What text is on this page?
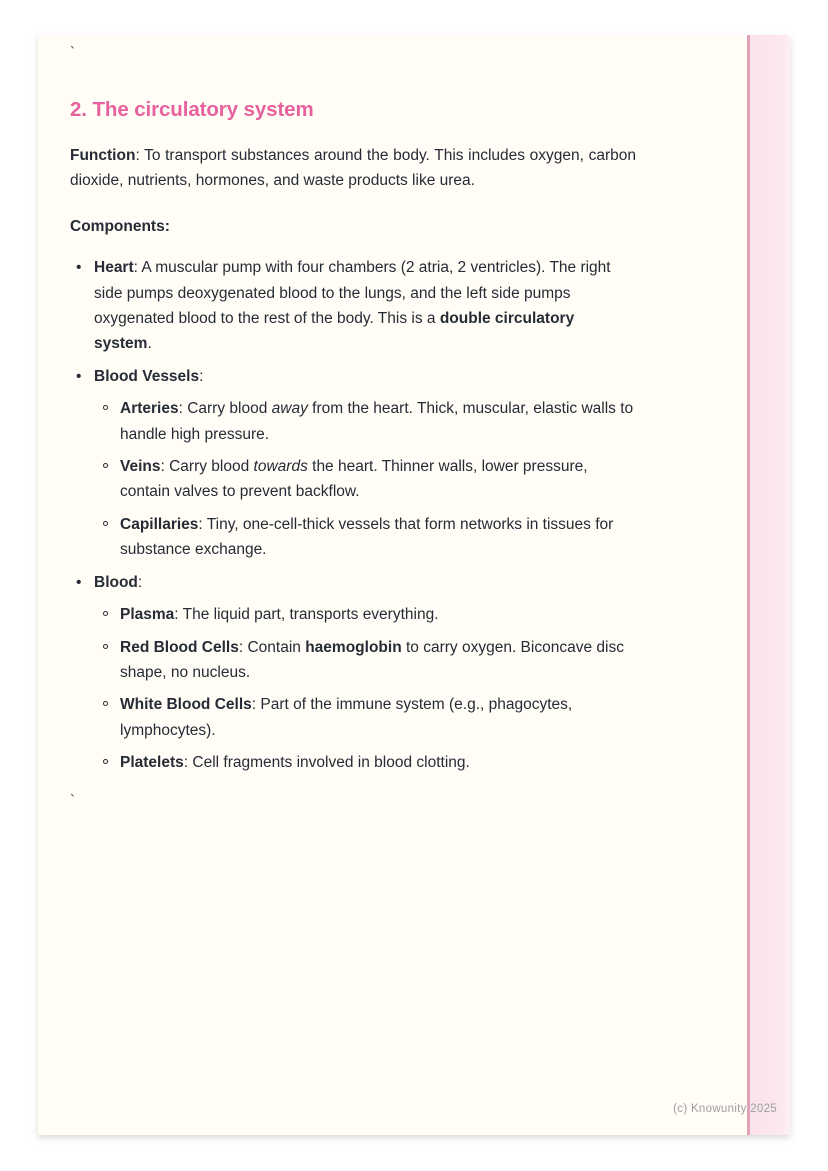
`
2. The circulatory system

Function: To transport substances around the body. This includes oxygen, carbon dioxide, nutrients, hormones, and waste products like urea.

Components:

•
Heart: A muscular pump with four chambers (2 atria, 2 ventricles). The right side pumps deoxygenated blood to the lungs, and the left side pumps oxygenated blood to the rest of the body. This is a double circulatory system.
•
Blood Vessels:
Arteries: Carry blood away from the heart. Thick, muscular, elastic walls to handle high pressure.
Veins: Carry blood towards the heart. Thinner walls, lower pressure, contain valves to prevent backflow.
Capillaries: Tiny, one-cell-thick vessels that form networks in tissues for substance exchange.
•
Blood:
Plasma: The liquid part, transports everything.
Red Blood Cells: Contain haemoglobin to carry oxygen. Biconcave disc shape, no nucleus.
White Blood Cells: Part of the immune system (e.g., phagocytes, lymphocytes).
Platelets: Cell fragments involved in blood clotting.
`
(c) Knowunity 2025
